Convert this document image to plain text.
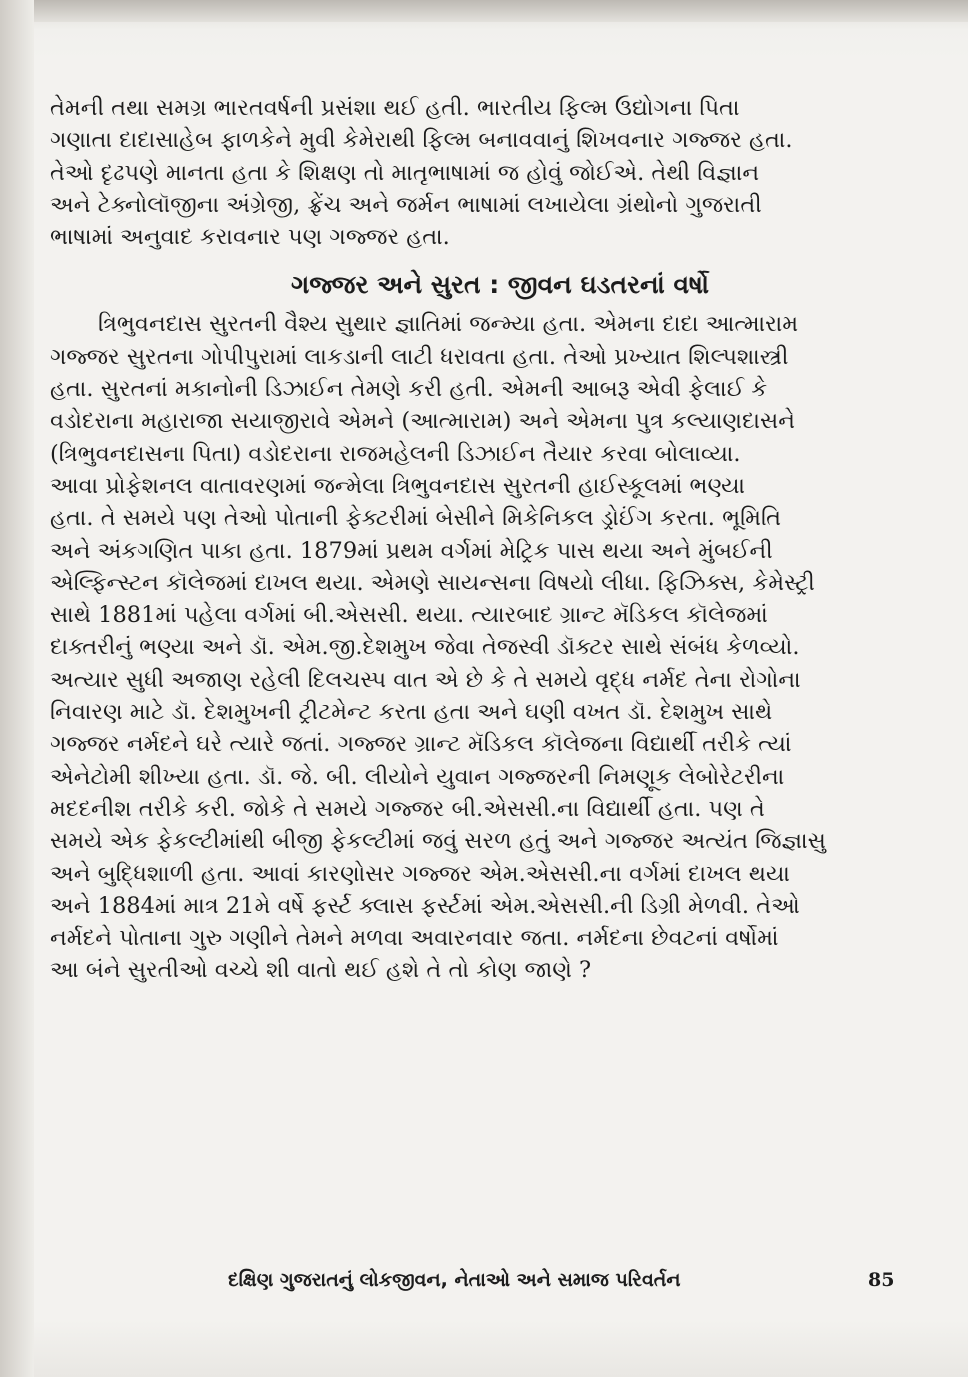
તેમની તથા સમગ્ર ભારતવર્ષની પ્રસંશા થઈ હતી. ભારતીય ફિલ્મ ઉદ્યોગના પિતા
ગણાતા દાદાસાહેબ ફાળકેને મુવી કેમેરાથી ફિલ્મ બનાવવાનું શિખવનાર ગજ્જર હતા.
તેઓ દૃઢપણે માનતા હતા કે શિક્ષણ તો માતૃભાષામાં જ હોવું જોઈએ. તેથી વિજ્ઞાન
અને ટેક્નોલૉજીના અંગ્રેજી, ફ્રેંચ અને જર્મન ભાષામાં લખાયેલા ગ્રંથોનો ગુજરાતી
ભાષામાં અનુવાદ કરાવનાર પણ ગજ્જર હતા.
ગજ્જર અને સુરત : જીવન ઘડતરનાં વર્ષો
ત્રિભુવનદાસ સુરતની વૈશ્ય સુથાર જ્ઞાતિમાં જન્મ્યા હતા. એમના દાદા આત્મારામ
ગજ્જર સુરતના ગોપીપુરામાં લાકડાની લાટી ધરાવતા હતા. તેઓ પ્રખ્યાત શિલ્પશાસ્ત્રી
હતા. સુરતનાં મકાનોની ડિઝાઈન તેમણે કરી હતી. એમની આબરૂ એવી ફેલાઈ કે
વડોદરાના મહારાજા સયાજીરાવે એમને (આત્મારામ) અને એમના પુત્ર કલ્યાણદાસને
(ત્રિભુવનદાસના પિતા) વડોદરાના રાજમહેલની ડિઝાઈન તૈયાર કરવા બોલાવ્યા.
આવા પ્રોફેશનલ વાતાવરણમાં જન્મેલા ત્રિભુવનદાસ સુરતની હાઈસ્કૂલમાં ભણ્યા
હતા. તે સમયે પણ તેઓ પોતાની ફેક્ટરીમાં બેસીને મિકેનિકલ ડ્રોઈંગ કરતા. ભૂમિતિ
અને અંકગણિત પાકા હતા. 1879માં પ્રથમ વર્ગમાં મેટ્રિક પાસ થયા અને મુંબઈની
એલ્ફિન્સ્ટન કૉલેજમાં દાખલ થયા. એમણે સાયન્સના વિષયો લીધા. ફિઝિક્સ, કેમેસ્ટ્રી
સાથે 1881માં પહેલા વર્ગમાં બી.એસસી. થયા. ત્યારબાદ ગ્રાન્ટ મૅડિકલ કૉલેજમાં
દાક્તરીનું ભણ્યા અને ડૉ. એમ.જી.દેશમુખ જેવા તેજસ્વી ડૉક્ટર સાથે સંબંધ કેળવ્યો.
અત્યાર સુધી અજાણ રહેલી દિલચસ્પ વાત એ છે કે તે સમયે વૃદ્ધ નર્મદ તેના રોગોના
નિવારણ માટે ડૉ. દેશમુખની ટ્રીટમેન્ટ કરતા હતા અને ઘણી વખત ડૉ. દેશમુખ સાથે
ગજ્જર નર્મદને ઘરે ત્યારે જતાં. ગજ્જર ગ્રાન્ટ મૅડિકલ કૉલેજના વિદ્યાર્થી તરીકે ત્યાં
એનેટોમી શીખ્યા હતા. ડૉ. જે. બી. લીયોને યુવાન ગજ્જરની નિમણૂક લેબોરેટરીના
મદદનીશ તરીકે કરી. જોકે તે સમયે ગજ્જર બી.એસસી.ના વિદ્યાર્થી હતા. પણ તે
સમયે એક ફેકલ્ટીમાંથી બીજી ફેકલ્ટીમાં જવું સરળ હતું અને ગજ્જર અત્યંત જિજ્ઞાસુ
અને બુદ્ધિશાળી હતા. આવાં કારણોસર ગજ્જર એમ.એસસી.ના વર્ગમાં દાખલ થયા
અને 1884માં માત્ર 21મે વર્ષે ફર્સ્ટ ક્લાસ ફર્સ્ટમાં એમ.એસસી.ની ડિગ્રી મેળવી. તેઓ
નર્મદને પોતાના ગુરુ ગણીને તેમને મળવા અવારનવાર જતા. નર્મદના છેવટનાં વર્ષોમાં
આ બંને સુરતીઓ વચ્ચે શી વાતો થઈ હશે તે તો કોણ જાણે ?
દક્ષિણ ગુજરાતનું લોકજીવન, નેતાઓ અને સમાજ પરિવર્તન	85
